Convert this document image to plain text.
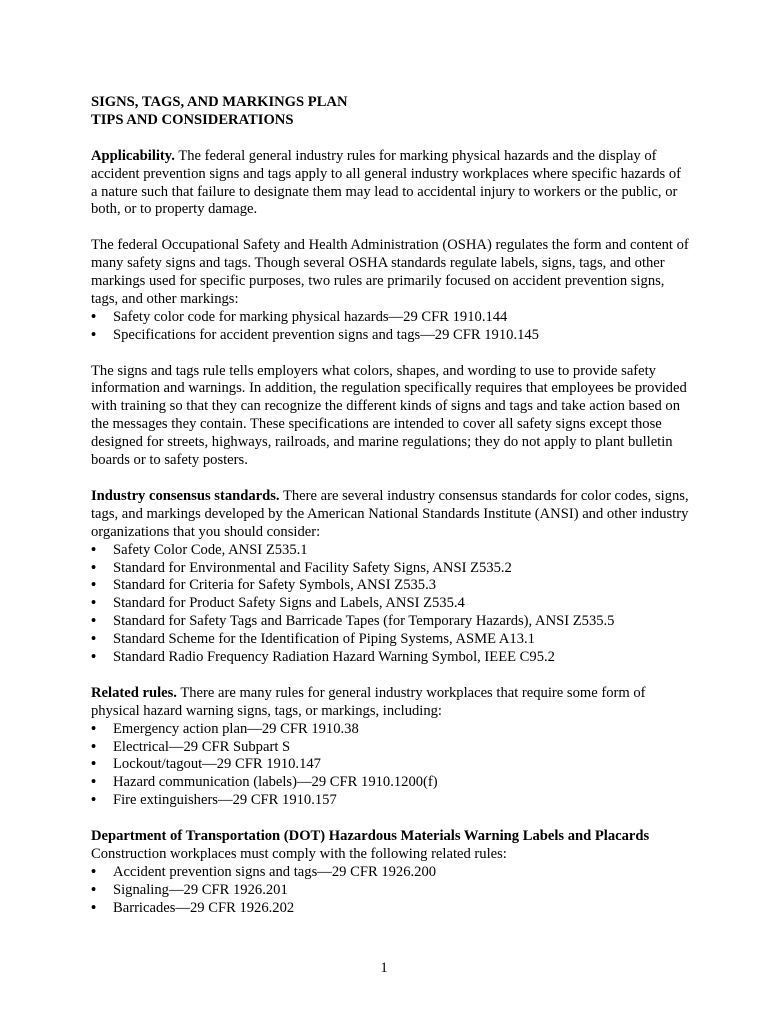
SIGNS, TAGS, AND MARKINGS PLAN

TIPS AND CONSIDERATIONS

Applicability. The federal general industry rules for marking physical hazards and the display of accident prevention signs and tags apply to all general industry workplaces where specific hazards of a nature such that failure to designate them may lead to accidental injury to workers or the public, or both, or to property damage.

The federal Occupational Safety and Health Administration (OSHA) regulates the form and content of many safety signs and tags. Though several OSHA standards regulate labels, signs, tags, and other markings used for specific purposes, two rules are primarily focused on accident prevention signs, tags, and other markings:

• Safety color code for marking physical hazards—29 CFR 1910.144
• Specifications for accident prevention signs and tags—29 CFR 1910.145

The signs and tags rule tells employers what colors, shapes, and wording to use to provide safety information and warnings. In addition, the regulation specifically requires that employees be provided with training so that they can recognize the different kinds of signs and tags and take action based on the messages they contain. These specifications are intended to cover all safety signs except those designed for streets, highways, railroads, and marine regulations; they do not apply to plant bulletin boards or to safety posters.

Industry consensus standards. There are several industry consensus standards for color codes, signs, tags, and markings developed by the American National Standards Institute (ANSI) and other industry organizations that you should consider:

• Safety Color Code, ANSI Z535.1
• Standard for Environmental and Facility Safety Signs, ANSI Z535.2
• Standard for Criteria for Safety Symbols, ANSI Z535.3
• Standard for Product Safety Signs and Labels, ANSI Z535.4
• Standard for Safety Tags and Barricade Tapes (for Temporary Hazards), ANSI Z535.5
• Standard Scheme for the Identification of Piping Systems, ASME A13.1
• Standard Radio Frequency Radiation Hazard Warning Symbol, IEEE C95.2

Related rules. There are many rules for general industry workplaces that require some form of physical hazard warning signs, tags, or markings, including:

• Emergency action plan—29 CFR 1910.38
• Electrical—29 CFR Subpart S
• Lockout/tagout—29 CFR 1910.147
• Hazard communication (labels)—29 CFR 1910.1200(f)
• Fire extinguishers—29 CFR 1910.157

Department of Transportation (DOT) Hazardous Materials Warning Labels and Placards

Construction workplaces must comply with the following related rules:

• Accident prevention signs and tags—29 CFR 1926.200
• Signaling—29 CFR 1926.201
• Barricades—29 CFR 1926.202
1
